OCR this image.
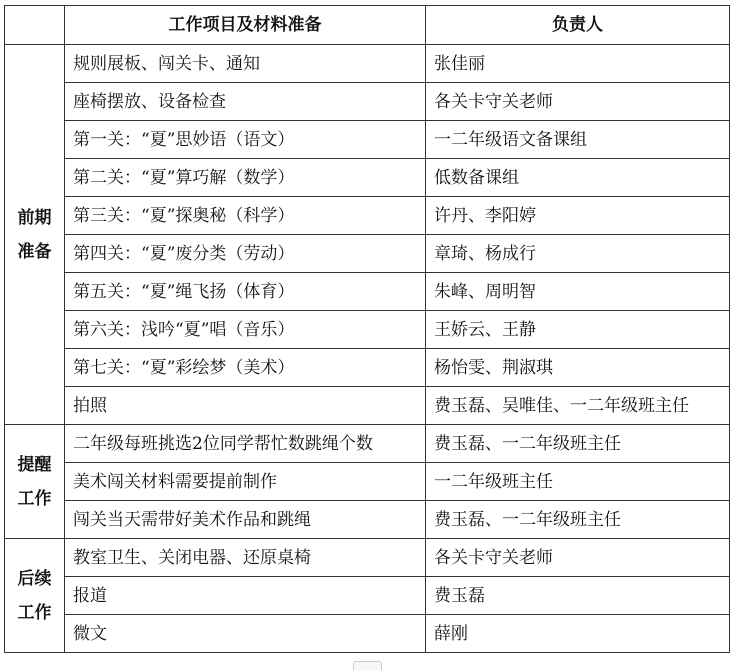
	工作项目及材料准备	负责人
前期准备	规则展板、闯关卡、通知	张佳丽
	座椅摆放、设备检查	各关卡守关老师
	第一关：“夏”思妙语（语文）	一二年级语文备课组
	第二关：“夏”算巧解（数学）	低数备课组
	第三关：“夏”探奥秘（科学）	许丹、李阳婷
	第四关：“夏”废分类（劳动）	章琦、杨成行
	第五关：“夏”绳飞扬（体育）	朱峰、周明智
	第六关：浅吟“夏”唱（音乐）	王娇云、王静
	第七关：“夏”彩绘梦（美术）	杨怡雯、荆淑琪
	拍照	费玉磊、吴唯佳、一二年级班主任
提醒工作	二年级每班挑选2位同学帮忙数跳绳个数	费玉磊、一二年级班主任
	美术闯关材料需要提前制作	一二年级班主任
	闯关当天需带好美术作品和跳绳	费玉磊、一二年级班主任
后续工作	教室卫生、关闭电器、还原桌椅	各关卡守关老师
	报道	费玉磊
	微文	薛刚
